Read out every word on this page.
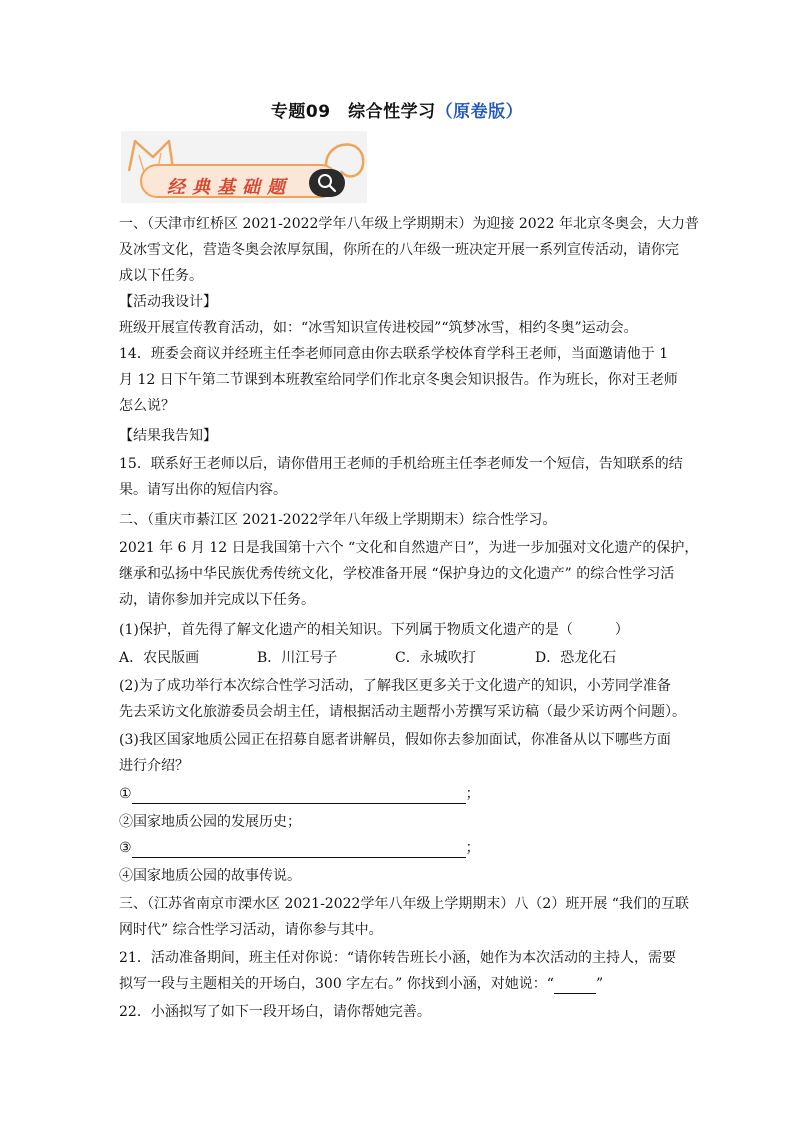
专题09　综合性学习（原卷版）
经典基础题
一、（天津市红桥区 2021-2022学年八年级上学期期末）为迎接 2022 年北京冬奥会，大力普
及冰雪文化，营造冬奥会浓厚氛围，你所在的八年级一班决定开展一系列宣传活动，请你完
成以下任务。
【活动我设计】
班级开展宣传教育活动，如：“冰雪知识宣传进校园”“筑梦冰雪，相约冬奥”运动会。
14．班委会商议并经班主任李老师同意由你去联系学校体育学科王老师，当面邀请他于 1
月 12 日下午第二节课到本班教室给同学们作北京冬奥会知识报告。作为班长，你对王老师
怎么说？
【结果我告知】
15．联系好王老师以后，请你借用王老师的手机给班主任李老师发一个短信，告知联系的结
果。请写出你的短信内容。
二、（重庆市綦江区 2021-2022学年八年级上学期期末）综合性学习。
2021 年 6 月 12 日是我国第十六个 “文化和自然遗产日”，为进一步加强对文化遗产的保护，
继承和弘扬中华民族优秀传统文化，学校准备开展 “保护身边的文化遗产” 的综合性学习活
动，请你参加并完成以下任务。
(1)保护，首先得了解文化遗产的相关知识。下列属于物质文化遗产的是（　　　）
A．农民版画	B．川江号子	C．永城吹打	D．恐龙化石
(2)为了成功举行本次综合性学习活动，了解我区更多关于文化遗产的知识，小芳同学准备
先去采访文化旅游委员会胡主任，请根据活动主题帮小芳撰写采访稿（最少采访两个问题）。
(3)我区国家地质公园正在招募自愿者讲解员，假如你去参加面试，你准备从以下哪些方面
进行介绍？
①	；
②国家地质公园的发展历史；
③	；
④国家地质公园的故事传说。
三、（江苏省南京市溧水区 2021-2022学年八年级上学期期末）八（2）班开展 “我们的互联
网时代” 综合性学习活动，请你参与其中。
21．活动准备期间，班主任对你说：“请你转告班长小涵，她作为本次活动的主持人，需要
拟写一段与主题相关的开场白，300 字左右。” 你找到小涵，对她说：“	”
22．小涵拟写了如下一段开场白，请你帮她完善。
